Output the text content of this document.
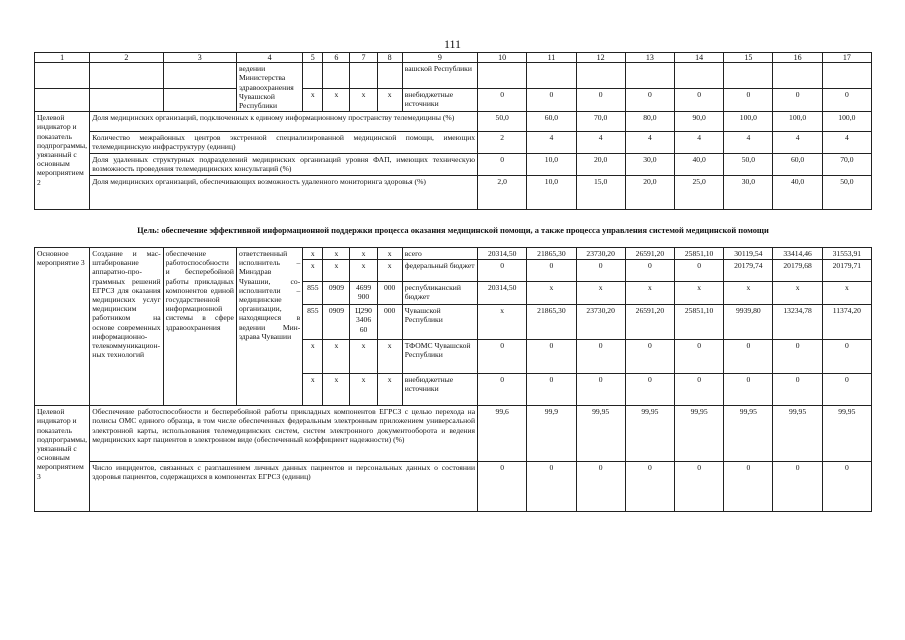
111
1	2	3	4	5	6	7	8	9	10	11	12	13	14	15	16	17
			ведении Министерства здравоохранения Чувашской Республики					вашской Республики								
				x	x	x	x	внебюджетные источники	0	0	0	0	0	0	0	0
Целевой индикатор и показатель подпрограммы, увязанный с основным мероприятием 2	Доля медицинских организаций, подключенных к единому информационному пространству телемедицины (%)								50,0	60,0	70,0	80,0	90,0	100,0	100,0	100,0
	Количество межрайонных центров экстренной специализированной медицинской помощи, имеющих телемедицинскую инфраструктуру (единиц)								2	4	4	4	4	4	4	4
	Доля удаленных структурных подразделений медицинских организаций уровня ФАП, имеющих техническую возможность проведения телемедицинских консультаций (%)								0	10,0	20,0	30,0	40,0	50,0	60,0	70,0
	Доля медицинских организаций, обеспечивающих возможность удаленного мониторинга здоровья (%)								2,0	10,0	15,0	20,0	25,0	30,0	40,0	50,0
Цель: обеспечение эффективной информационной поддержки процесса оказания медицинской помощи, а также процесса управления системой медицинской помощи
Основное мероприятие 3	Создание и масштабирование аппаратно-программных решений ЕГРСЗ для оказания медицинских услуг медицинским работником на основе современных информационно-телекоммуникационных технологий	обеспечение работоспособности и бесперебойной работы прикладных компонентов единой государственной информационной системы в сфере здравоохранения	ответственный исполнитель – Минздрав Чувашии, соисполнители – медицинские организации, находящиеся в ведении Минздрава Чувашии	x	x	x	x	всего	20314,50	21865,30	23730,20	26591,20	25851,10	30119,54	33414,46	31553,91
				x	x	x	x	федеральный бюджет	0	0	0	0	0	20179,74	20179,68	20179,71
				855	0909	4699 900	000	республиканский бюджет	20314,50	x	x	x	x	x	x	x
				855	0909	Ц290 3406 60	000	Чувашской Республики	x	21865,30	23730,20	26591,20	25851,10	9939,80	13234,78	11374,20
				x	x	x	x	ТФОМС Чувашской Республики	0	0	0	0	0	0	0	0
				x	x	x	x	внебюджетные источники	0	0	0	0	0	0	0	0
Целевой индикатор и показатель подпрограммы, увязанный с основным мероприятием 3	Обеспечение работоспособности и бесперебойной работы прикладных компонентов ЕГРСЗ с целью перехода на полисы ОМС единого образца, в том числе обеспеченных федеральным электронным приложением универсальной электронной карты, использования телемедицинских систем, систем электронного документооборота и ведения медицинских карт пациентов в электронном виде (обеспеченный коэффициент надежности) (%)								99,6	99,9	99,95	99,95	99,95	99,95	99,95	99,95
	Число инцидентов, связанных с разглашением личных данных пациентов и персональных данных о состоянии здоровья пациентов, содержащихся в компонентах ЕГРСЗ (единиц)								0	0	0	0	0	0	0	0
